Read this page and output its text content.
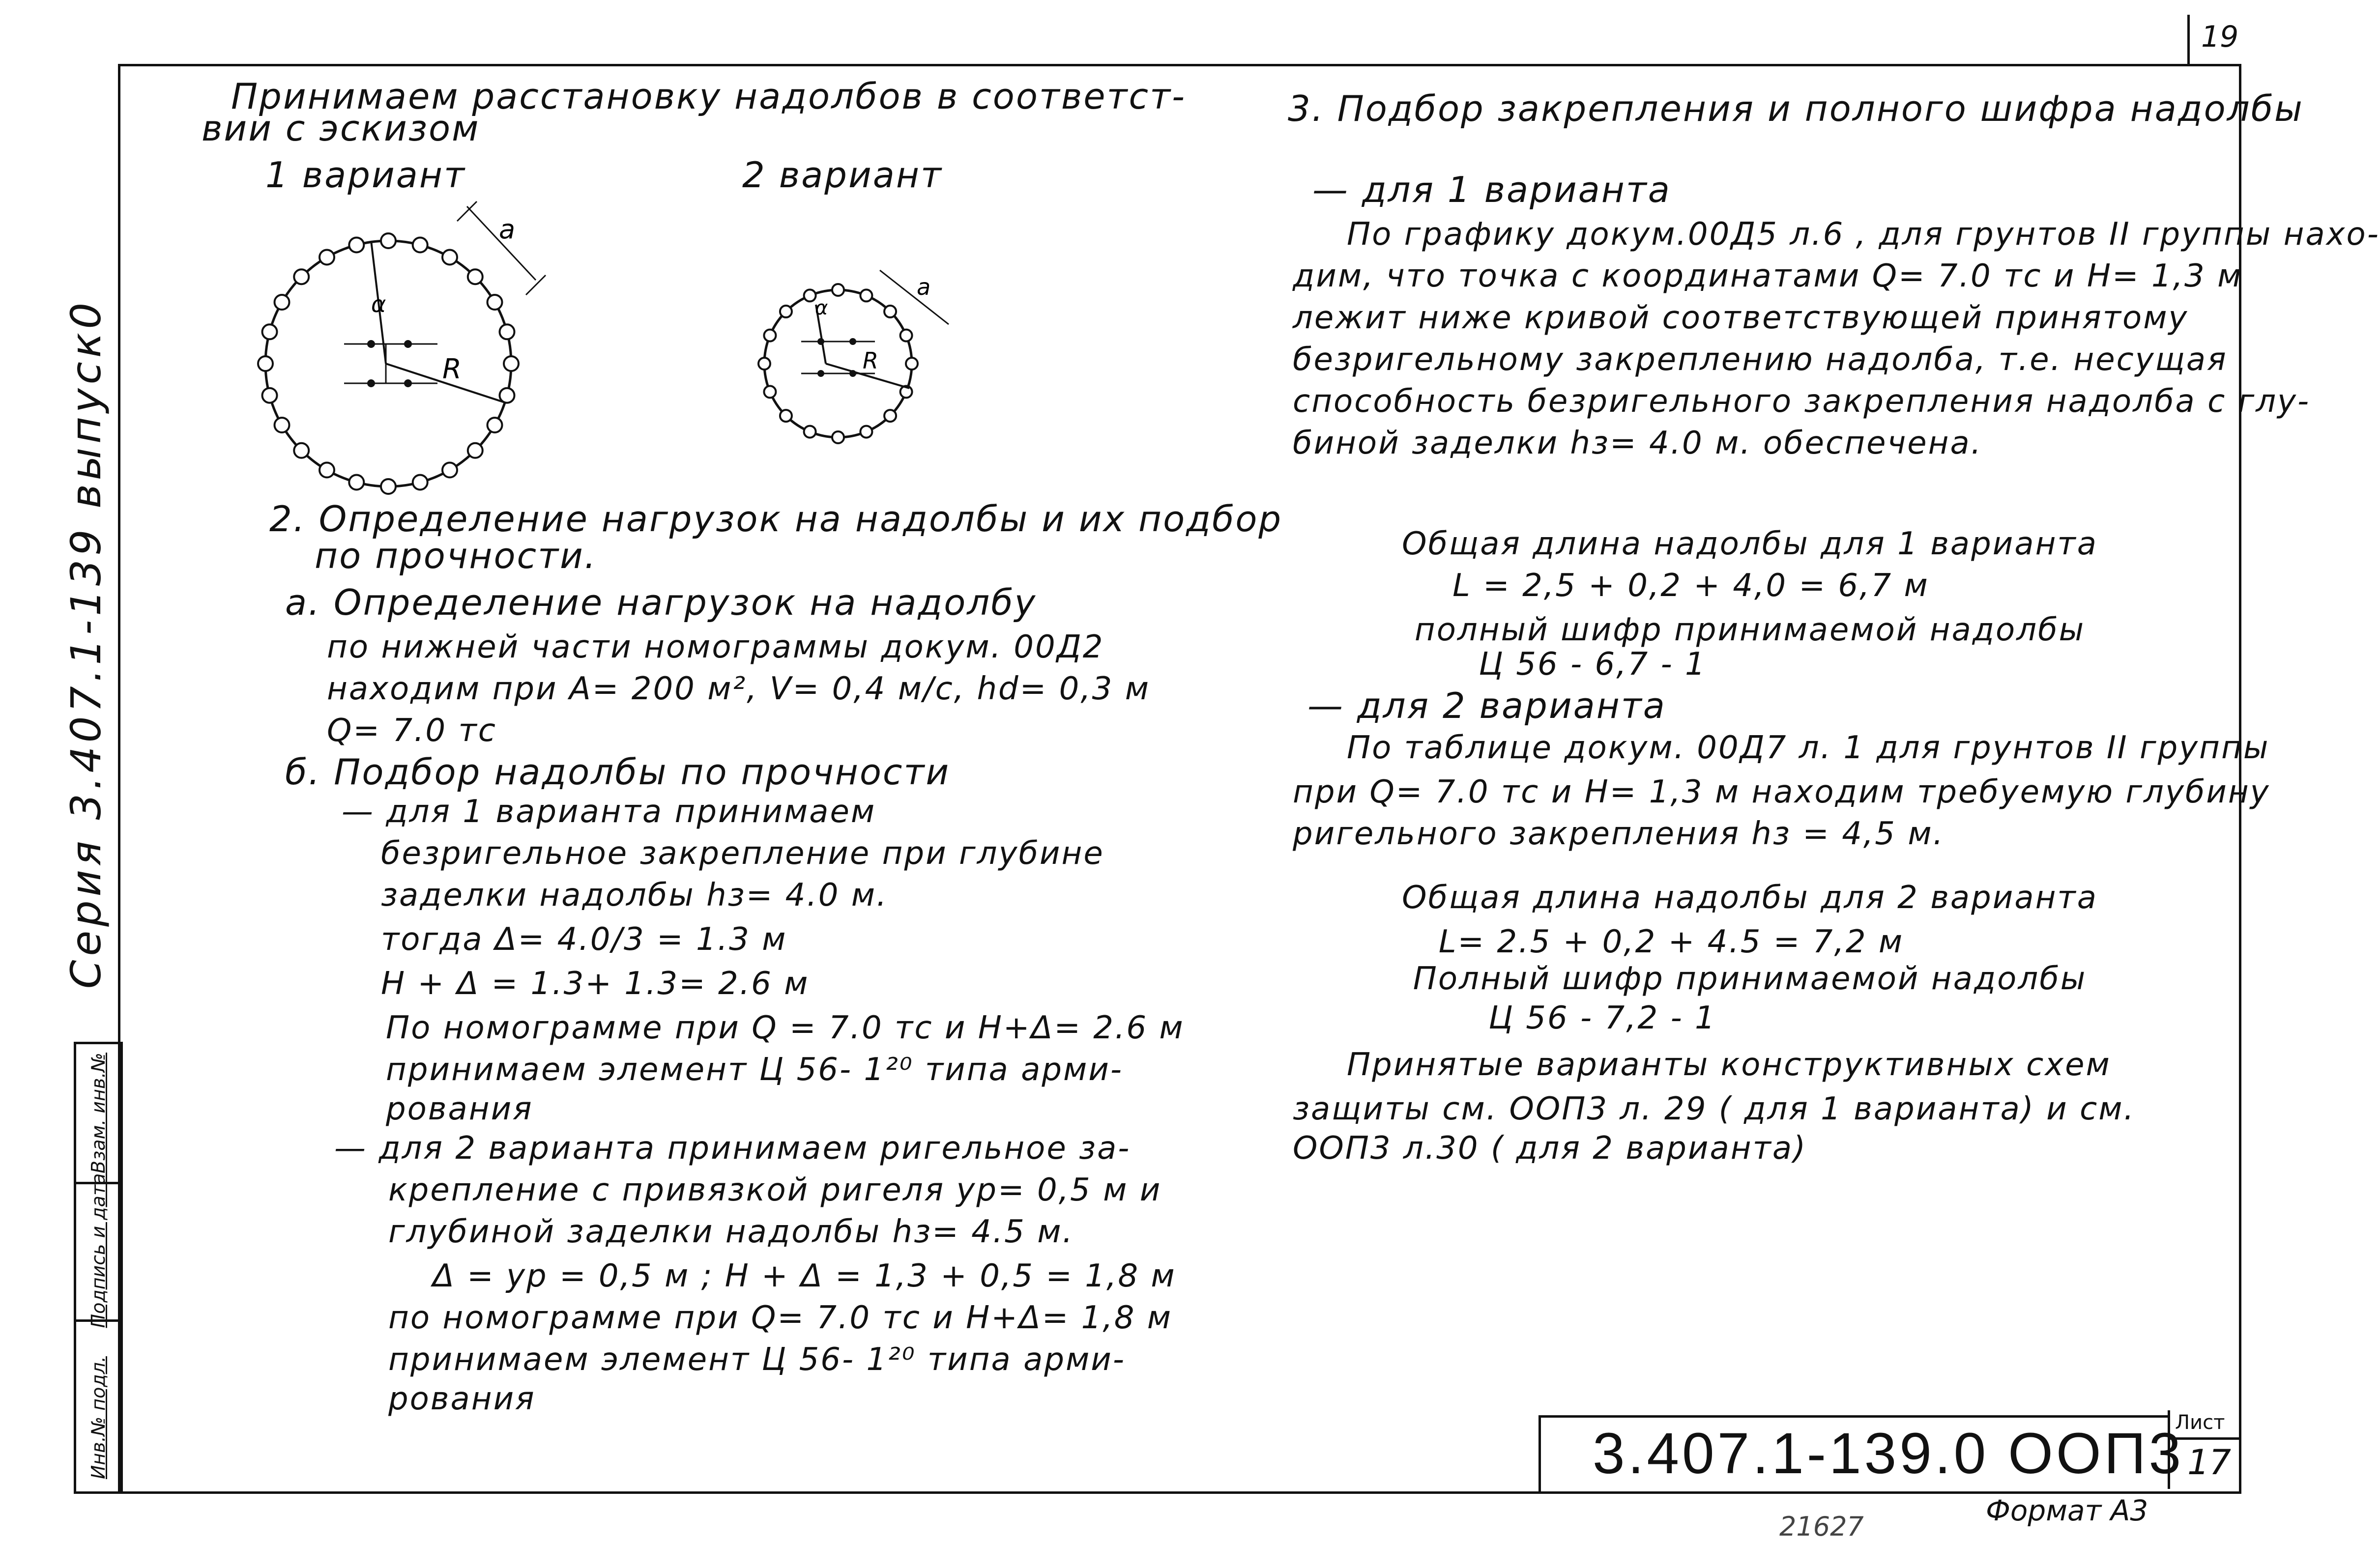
19
Серия 3.407.1-139 выпуск0
Инв.№ подл.
Подпись и дата
Взам. инв.№
Принимаем расстановку надолбов в соответст-
вии с эскизом
1 вариант	2 вариант
а
α
R
а
α
R
2. Определение нагрузок на надолбы и их подбор
по прочности.
а. Определение нагрузок на надолбу
по нижней части номограммы докум. 00Д2
находим при А= 200 м², V= 0,4 м/с, hd= 0,3 м
Q= 7.0 тс
б. Подбор надолбы по прочности
— для 1 варианта принимаем
безригельное закрепление при глубине
заделки надолбы hз= 4.0 м.
тогда Δ= 4.0/3 = 1.3 м
H + Δ = 1.3+ 1.3= 2.6 м
По номограмме при Q = 7.0 тс и H+Δ= 2.6 м
принимаем элемент Ц 56- 1²⁰ типа арми-
рования
— для 2 варианта принимаем ригельное за-
крепление с привязкой ригеля yр= 0,5 м и
глубиной заделки надолбы hз= 4.5 м.
Δ = yр = 0,5 м ; H + Δ = 1,3 + 0,5 = 1,8 м
по номограмме при Q= 7.0 тс и H+Δ= 1,8 м
принимаем элемент Ц 56- 1²⁰ типа арми-
рования
3. Подбор закрепления и полного шифра надолбы
— для 1 варианта
По графику докум.00Д5 л.6 , для грунтов II группы нахо-
дим, что точка с координатами Q= 7.0 тс и H= 1,3 м
лежит ниже кривой соответствующей принятому
безригельному закреплению надолба, т.е. несущая
способность безригельного закрепления надолба с глу-
биной заделки hз= 4.0 м. обеспечена.
Общая длина надолбы для 1 варианта
L = 2,5 + 0,2 + 4,0 = 6,7 м
полный шифр принимаемой надолбы
Ц 56 - 6,7 - 1
— для 2 варианта
По таблице докум. 00Д7 л. 1 для грунтов II группы
при Q= 7.0 тс и H= 1,3 м находим требуемую глубину
ригельного закрепления hз = 4,5 м.
Общая длина надолбы для 2 варианта
L= 2.5 + 0,2 + 4.5 = 7,2 м
Полный шифр принимаемой надолбы
Ц 56 - 7,2 - 1
Принятые варианты конструктивных схем
защиты см. ООП3 л. 29 ( для 1 варианта) и см.
ООП3 л.30 ( для 2 варианта)
3.407.1-139.0 ООП3
Лист
17
Формат А3
21627
